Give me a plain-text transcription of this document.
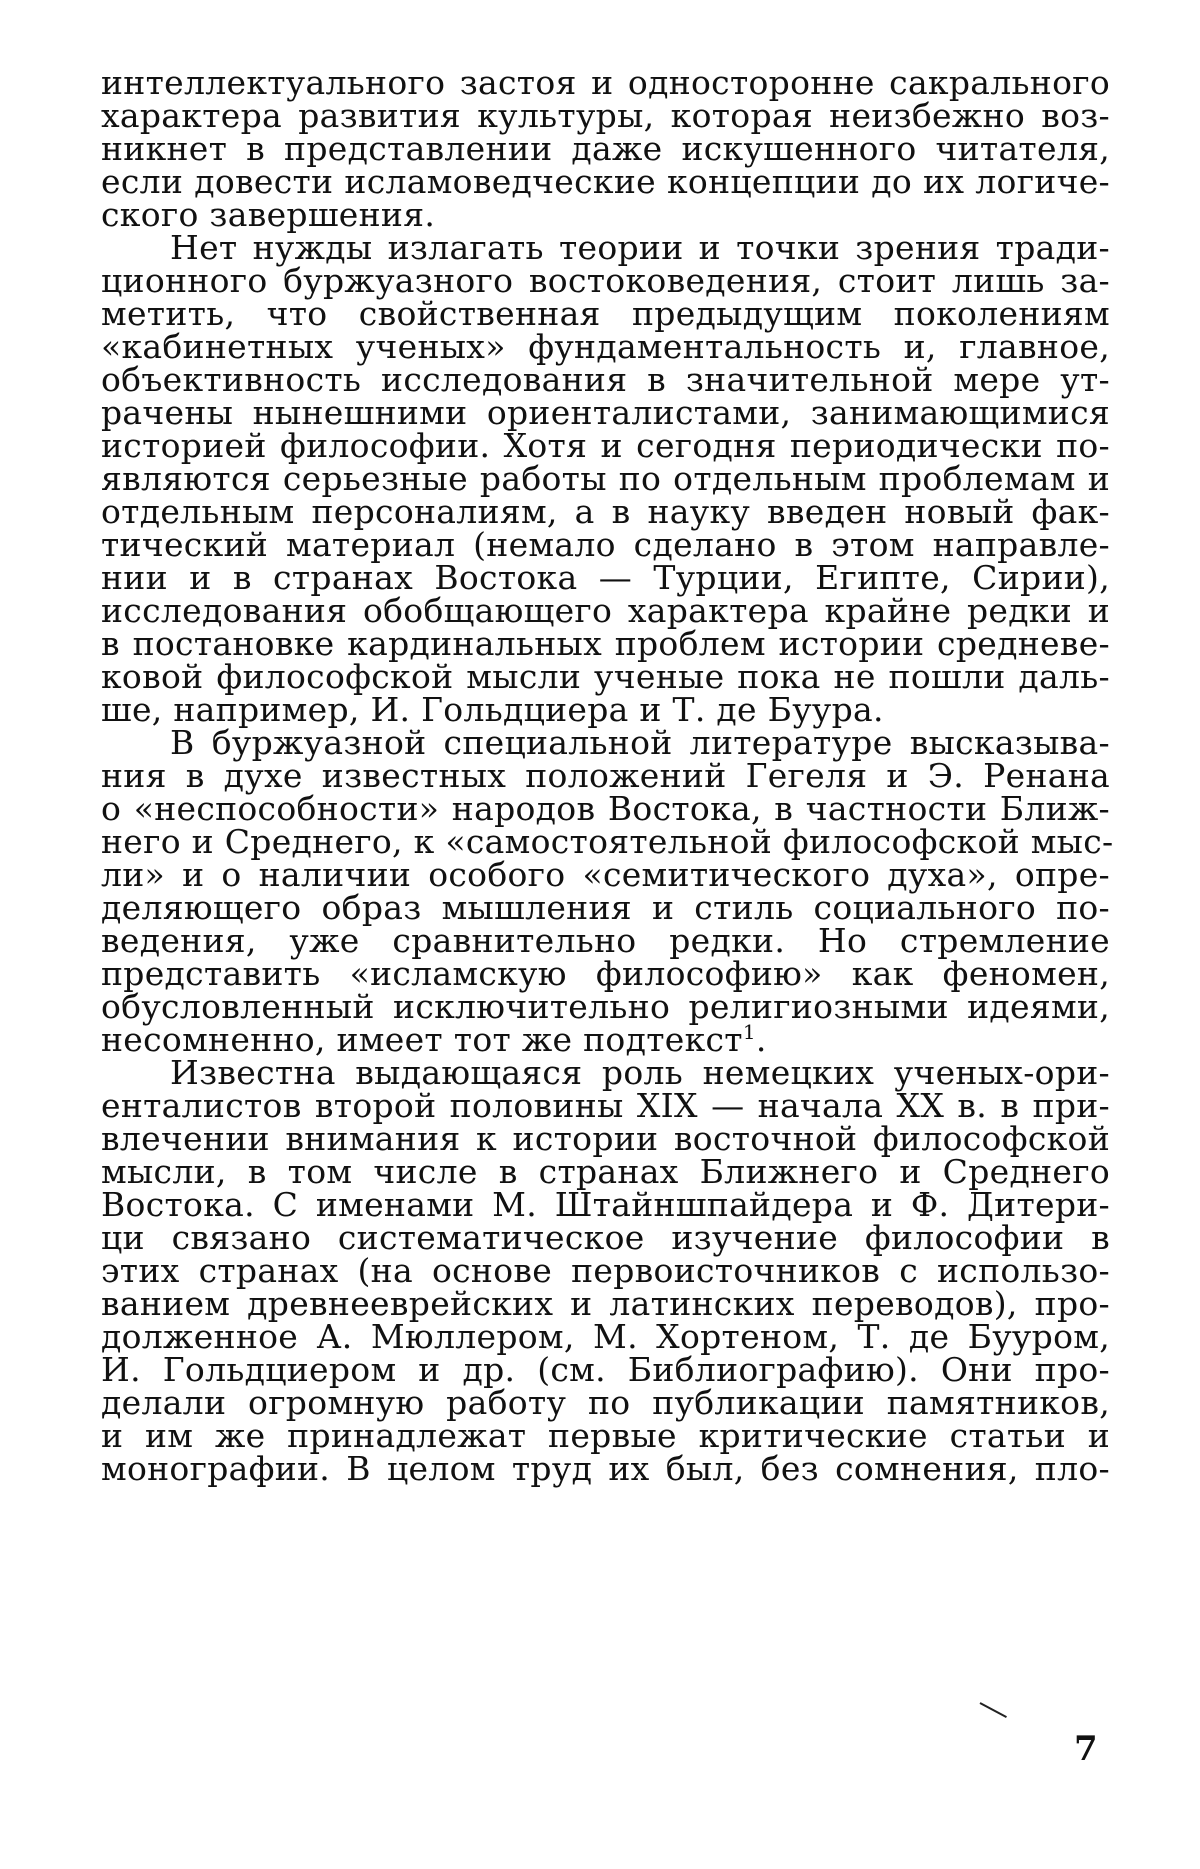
интеллектуального застоя и односторонне сакрального
характера развития культуры, которая неизбежно воз-
никнет в представлении даже искушенного читателя,
если довести исламоведческие концепции до их логиче-
ского завершения.
Нет нужды излагать теории и точки зрения тради-
ционного буржуазного востоковедения, стоит лишь за-
метить, что свойственная предыдущим поколениям
«кабинетных ученых» фундаментальность и, главное,
объективность исследования в значительной мере ут-
рачены нынешними ориенталистами, занимающимися
историей философии. Хотя и сегодня периодически по-
являются серьезные работы по отдельным проблемам и
отдельным персоналиям, а в науку введен новый фак-
тический материал (немало сделано в этом направле-
нии и в странах Востока — Турции, Египте, Сирии),
исследования обобщающего характера крайне редки и
в постановке кардинальных проблем истории средневе-
ковой философской мысли ученые пока не пошли даль-
ше, например, И. Гольдциера и Т. де Буура.
В буржуазной специальной литературе высказыва-
ния в духе известных положений Гегеля и Э. Ренана
о «неспособности» народов Востока, в частности Ближ-
него и Среднего, к «самостоятельной философской мыс-
ли» и о наличии особого «семитического духа», опре-
деляющего образ мышления и стиль социального по-
ведения, уже сравнительно редки. Но стремление
представить «исламскую философию» как феномен,
обусловленный исключительно религиозными идеями,
несомненно, имеет тот же подтекст$^1$.
Известна выдающаяся роль немецких ученых-ори-
енталистов второй половины XIX — начала XX в. в при-
влечении внимания к истории восточной философской
мысли, в том числе в странах Ближнего и Среднего
Востока. С именами М. Штайншпайдера и Ф. Дитери-
ци связано систематическое изучение философии в
этих странах (на основе первоисточников с использо-
ванием древнееврейских и латинских переводов), про-
долженное А. Мюллером, М. Хортеном, Т. де Бууром,
И. Гольдциером и др. (см. Библиографию). Они про-
делали огромную работу по публикации памятников,
и им же принадлежат первые критические статьи и
монографии. В целом труд их был, без сомнения, пло-
7
